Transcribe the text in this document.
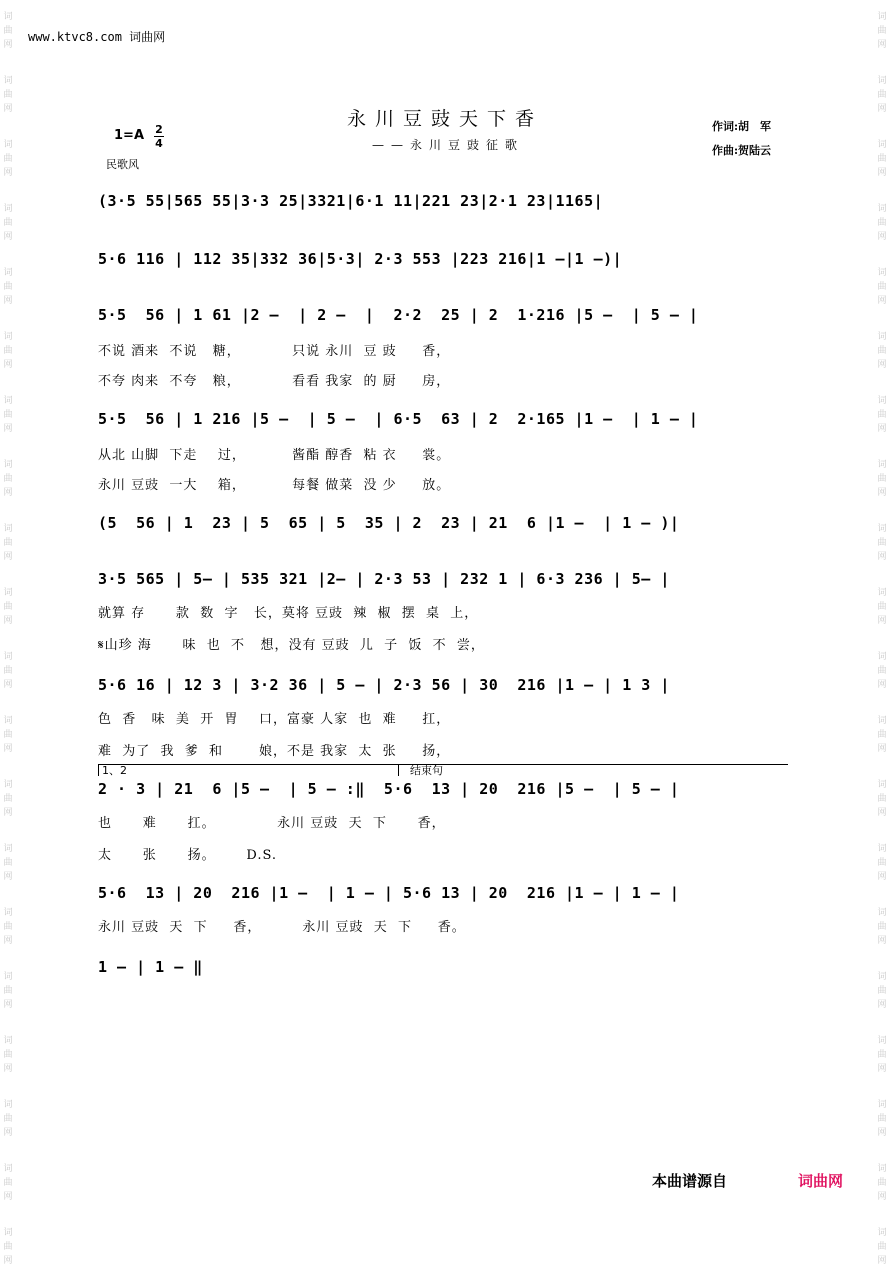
词
曲
网
词
曲
网
词
曲
网
词
曲
网
词
曲
网
词
曲
网
词
曲
网
词
曲
网
词
曲
网
词
曲
网
词
曲
网
词
曲
网
词
曲
网
词
曲
网
词
曲
网
词
曲
网
词
曲
网
词
曲
网
词
曲
网
词
曲
网
词
曲
网
词
曲
网
词
曲
网
词
曲
网
词
曲
网
词
曲
网
词
曲
网
词
曲
网
词
曲
网
词
曲
网
词
曲
网
词
曲
网
词
曲
网
词
曲
网
词
曲
网
词
曲
网
词
曲
网
词
曲
网
词
曲
网
词
曲
网
www.ktvc8.com 词曲网
永川豆豉天下香
——永川豆豉征歌
1=A 2
4
民歌风
作词:胡　军
作曲:贺陆云
(3·5 55|565 55|3·3 25|3321|6·1 11|221 23|2·1 23|1165|
5·6 116 | 112 35|332 36|5·3| 2·3 553 |223 216|1 —|1 —)|
5·5  56 | 1 61 |2 —  | 2 —  |  2·2  25 | 2  1·216 |5 —  | 5 — |
不说 酒来  不说   糖，          只说 永川  豆 豉     香，
不夸 肉来  不夸   粮，          看看 我家  的 厨     房，
5·5  56 | 1 216 |5 —  | 5 —  | 6·5  63 | 2  2·165 |1 —  | 1 — |
从北 山脚  下走    过，         酱酯 醇香  粘 衣     裳。
永川 豆豉  一大    箱，         每餐 做菜  没 少     放。
(5  56 | 1  23 | 5  65 | 5  35 | 2  23 | 21  6 |1 —  | 1 — )|
3·5 565 | 5— | 535 321 |2— | 2·3 53 | 232 1 | 6·3 236 | 5— |
就算 存      款  数  字   长，莫将 豆豉  辣  椒  摆  桌  上，
𝄋山珍 海      味  也  不   想，没有 豆豉  儿  子  饭  不  尝，
5·6 16 | 12 3 | 3·2 36 | 5 — | 2·3 56 | 30  216 |1 — | 1 3 |
色  香   味  美  开  胃    口，富豪 人家  也  难     扛，
难  为了  我  爹  和       娘，不是 我家  太  张     扬，
2 · 3 | 21  6 |5 —  | 5 — :‖  5·6  13 | 20  216 |5 —  | 5 — |
也      难      扛。            永川 豆豉  天  下      香，
太      张      扬。      D.S.
5·6  13 | 20  216 |1 —  | 1 — | 5·6 13 | 20  216 |1 — | 1 — |
永川 豆豉  天  下     香，        永川 豆豉  天  下     香。
1 — | 1 — ‖
1、2	结束句
本曲谱源自	词曲网
